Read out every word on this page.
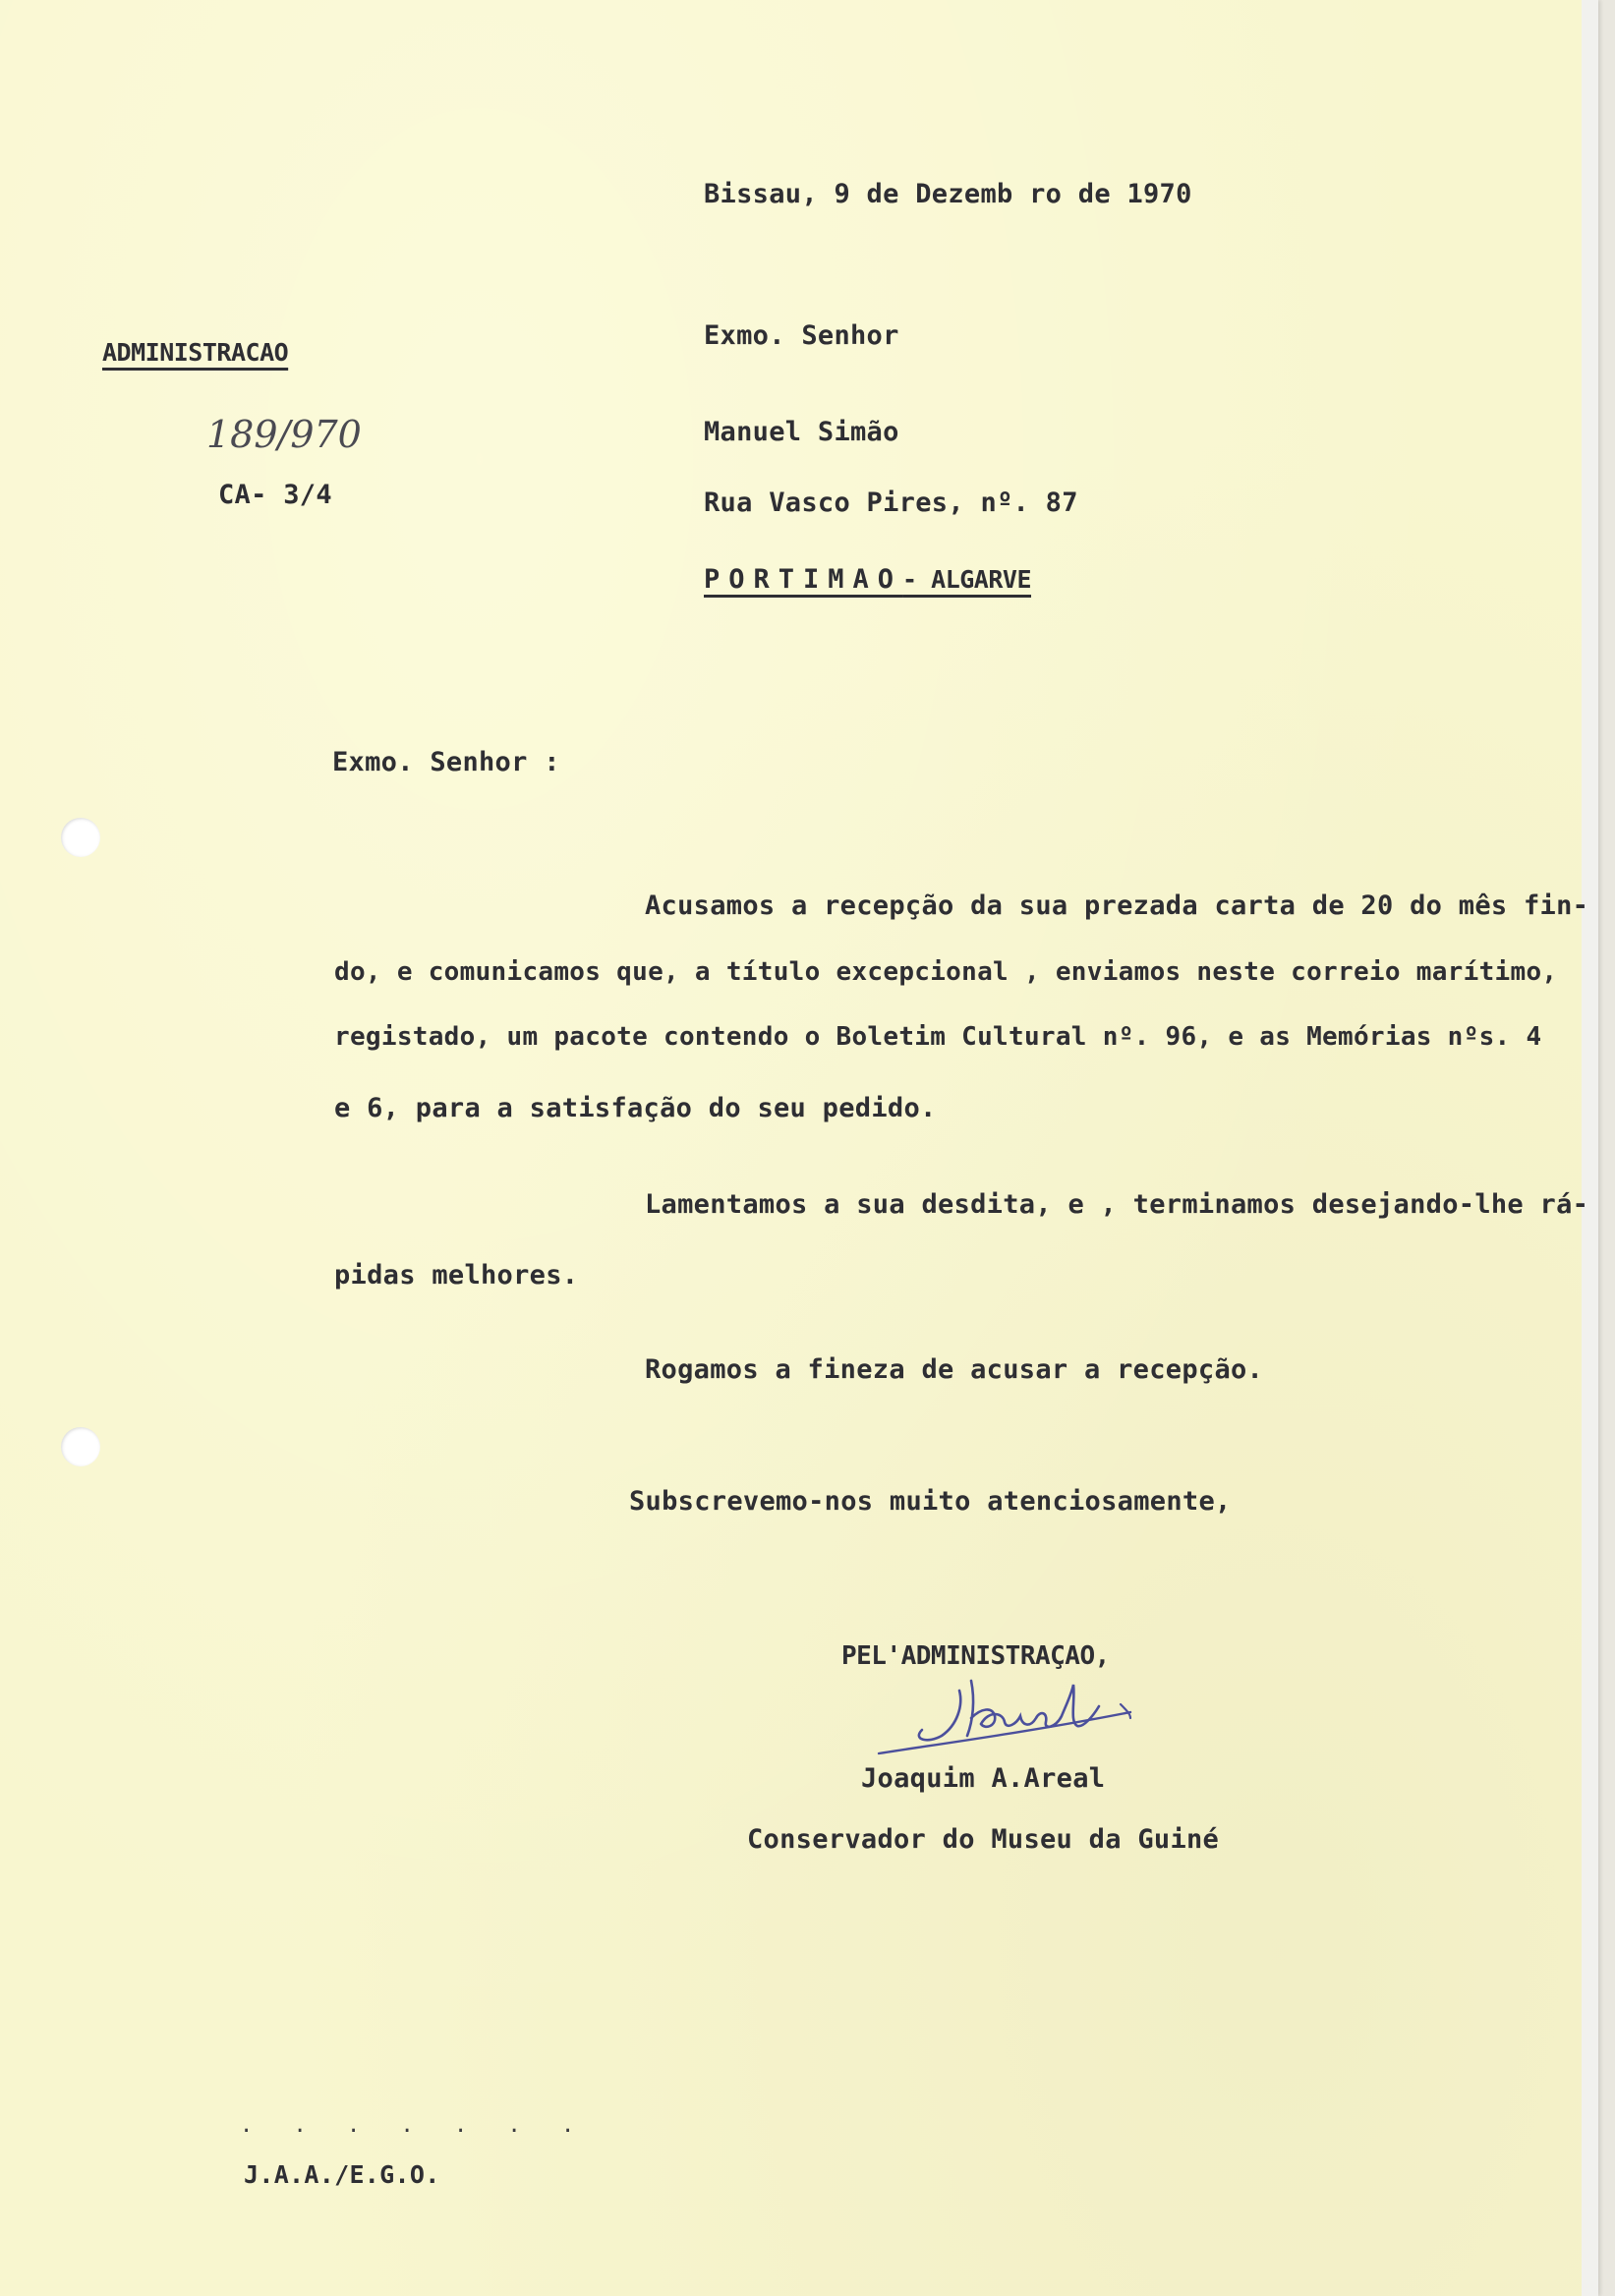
Bissau, 9 de Dezemb ro de 1970
ADMINISTRACAO
189/970
CA- 3/4
Exmo. Senhor
Manuel Simão
Rua Vasco Pires, nº. 87
PORTIMAO- ALGARVE
Exmo. Senhor :
Acusamos a recepção da sua prezada carta de 20 do mês fin-
do, e comunicamos que, a título excepcional , enviamos neste correio marítimo,
registado, um pacote contendo o Boletim Cultural nº. 96, e as Memórias nºs. 4
e 6, para a satisfação do seu pedido.
Lamentamos a sua desdita, e , terminamos desejando-lhe rá-
pidas melhores.
Rogamos a fineza de acusar a recepção.
Subscrevemo-nos muito atenciosamente,
PEL'ADMINISTRAÇAO,
Joaquim A.Areal
Conservador do Museu da Guiné
. . . . . . .
J.A.A./E.G.O.
